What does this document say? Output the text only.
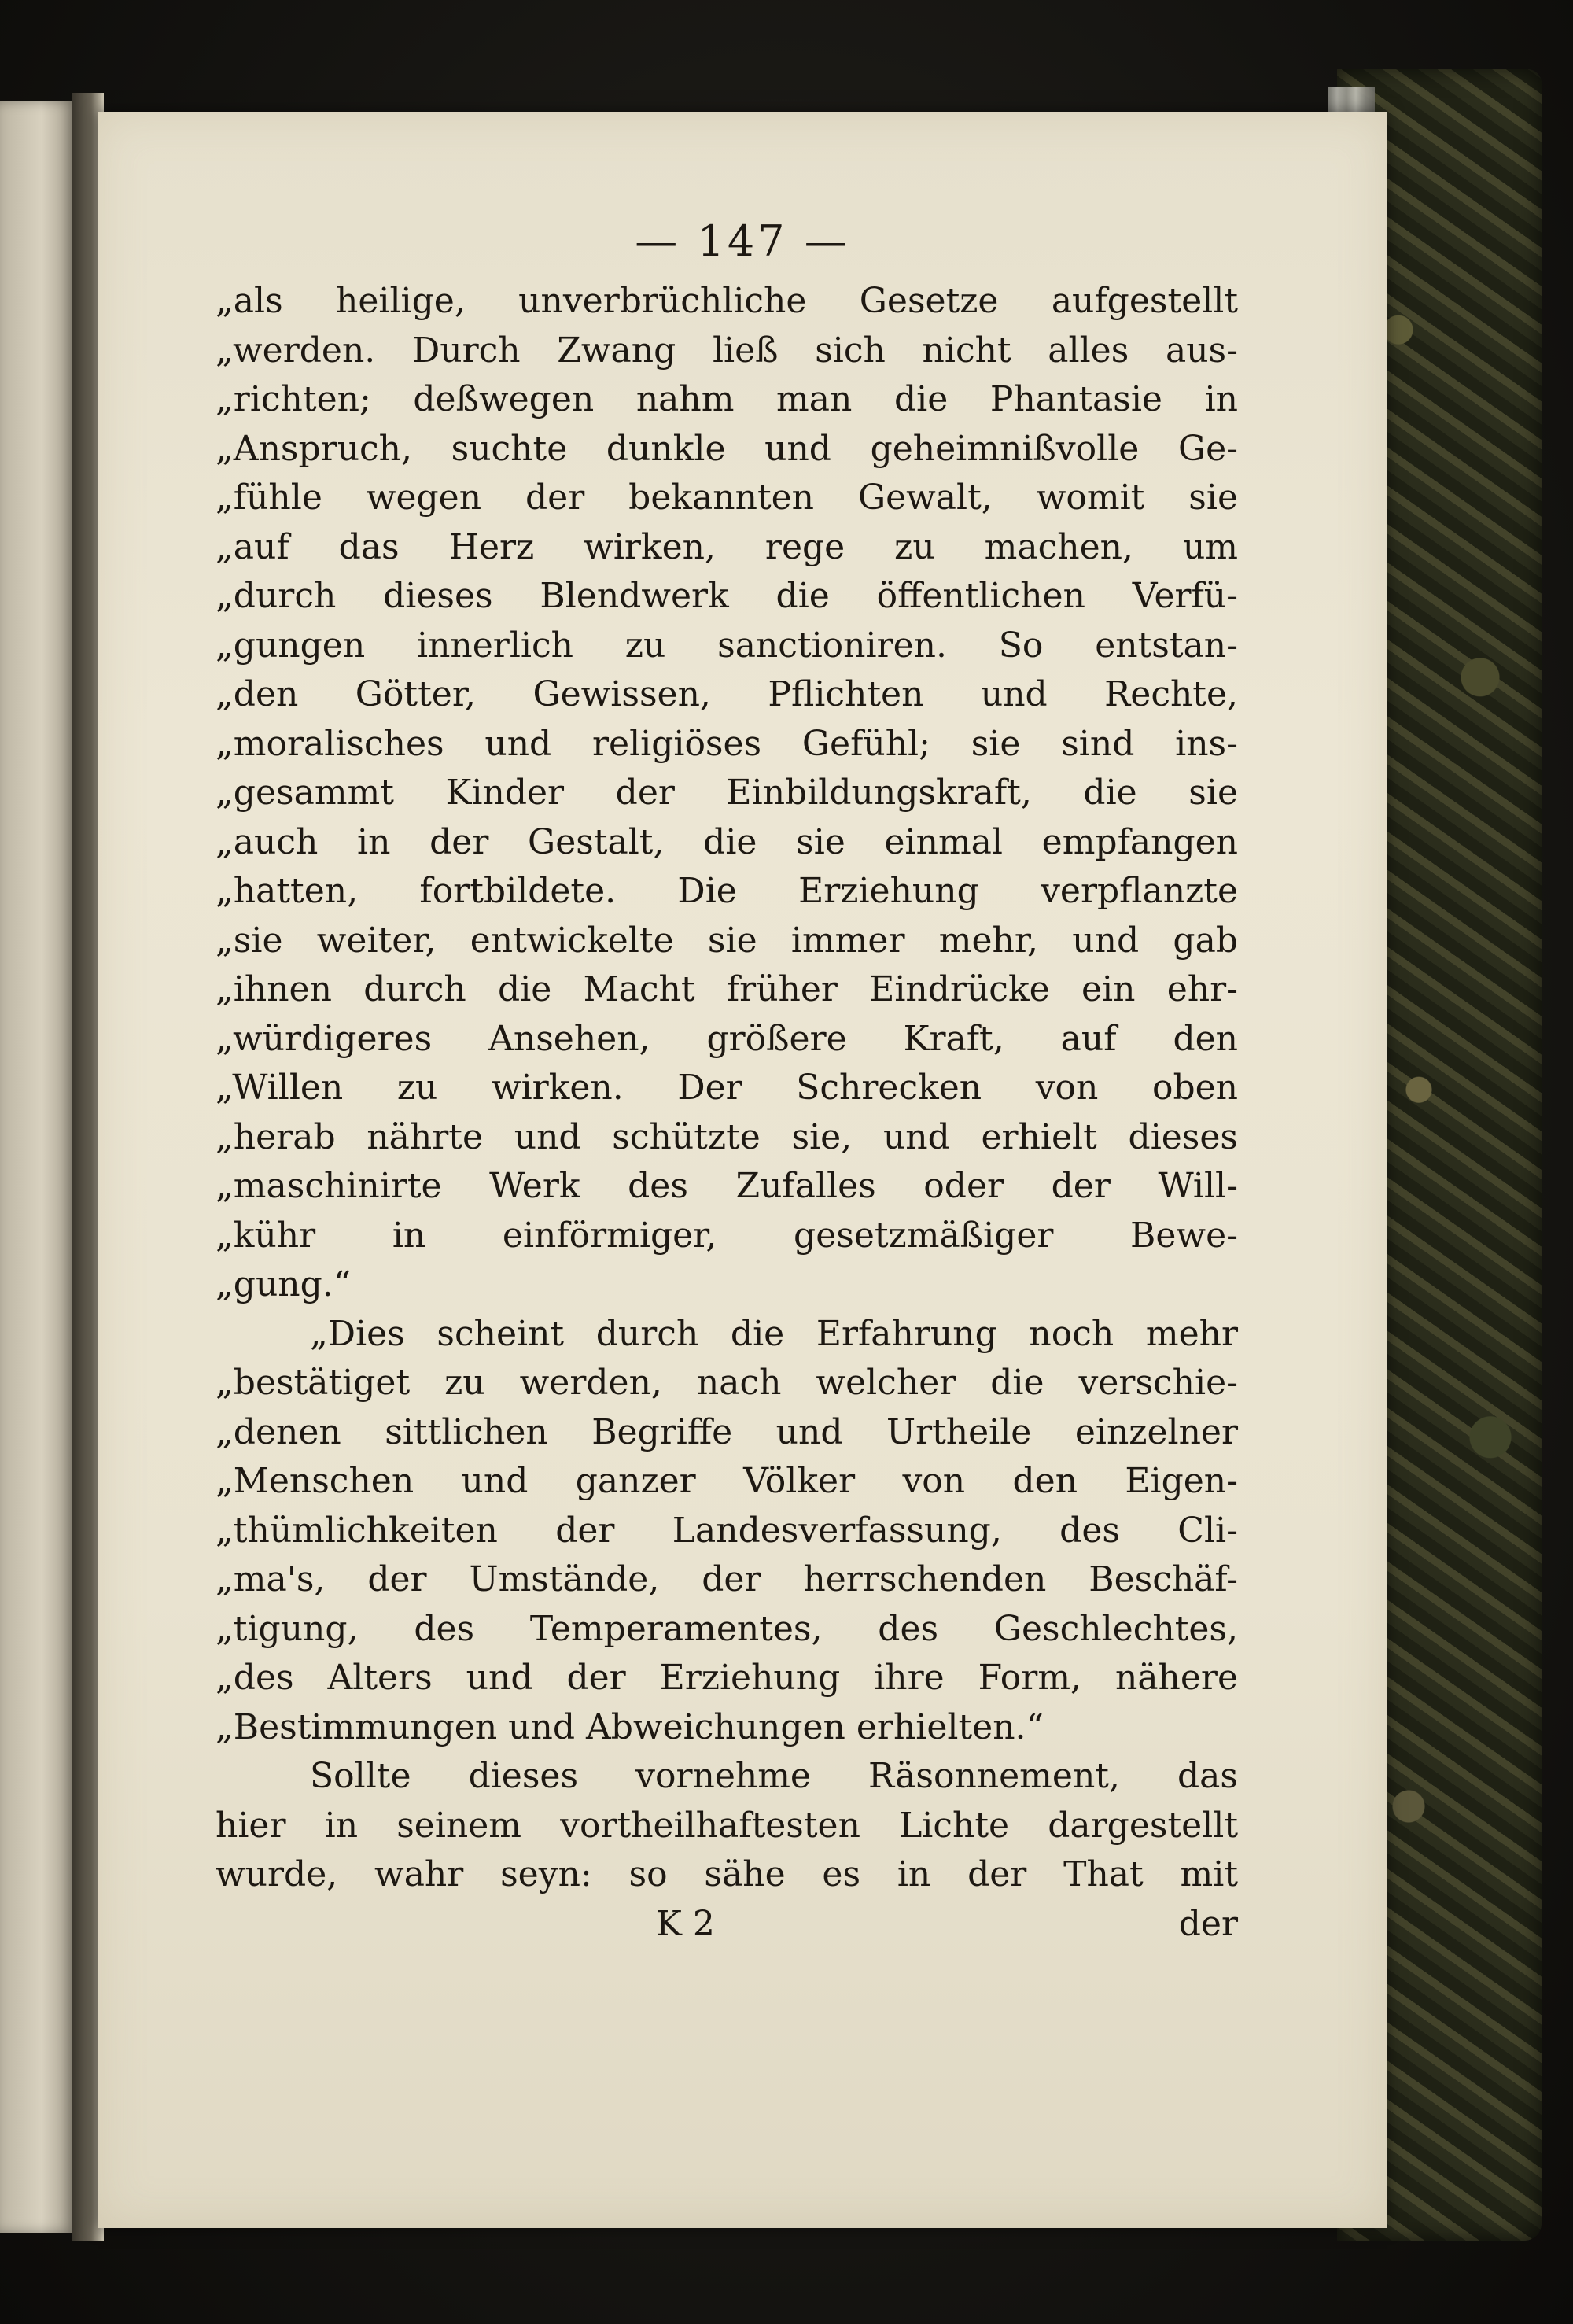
— 147 —
„als heilige, unverbrüchliche Gesetze aufgestellt
„werden. Durch Zwang ließ sich nicht alles aus-
„richten; deßwegen nahm man die Phantasie in
„Anspruch, suchte dunkle und geheimnißvolle Ge-
„fühle wegen der bekannten Gewalt, womit sie
„auf das Herz wirken, rege zu machen, um
„durch dieses Blendwerk die öffentlichen Verfü-
„gungen innerlich zu sanctioniren. So entstan-
„den Götter, Gewissen, Pflichten und Rechte,
„moralisches und religiöses Gefühl; sie sind ins-
„gesammt Kinder der Einbildungskraft, die sie
„auch in der Gestalt, die sie einmal empfangen
„hatten, fortbildete. Die Erziehung verpflanzte
„sie weiter, entwickelte sie immer mehr, und gab
„ihnen durch die Macht früher Eindrücke ein ehr-
„würdigeres Ansehen, größere Kraft, auf den
„Willen zu wirken. Der Schrecken von oben
„herab nährte und schützte sie, und erhielt dieses
„maschinirte Werk des Zufalles oder der Will-
„kühr in einförmiger, gesetzmäßiger Bewe-
„gung.“
„Dies scheint durch die Erfahrung noch mehr
„bestätiget zu werden, nach welcher die verschie-
„denen sittlichen Begriffe und Urtheile einzelner
„Menschen und ganzer Völker von den Eigen-
„thümlichkeiten der Landesverfassung, des Cli-
„ma's, der Umstände, der herrschenden Beschäf-
„tigung, des Temperamentes, des Geschlechtes,
„des Alters und der Erziehung ihre Form, nähere
„Bestimmungen und Abweichungen erhielten.“
Sollte dieses vornehme Räsonnement, das
hier in seinem vortheilhaftesten Lichte dargestellt
wurde, wahr seyn: so sähe es in der That mit
K 2	der
